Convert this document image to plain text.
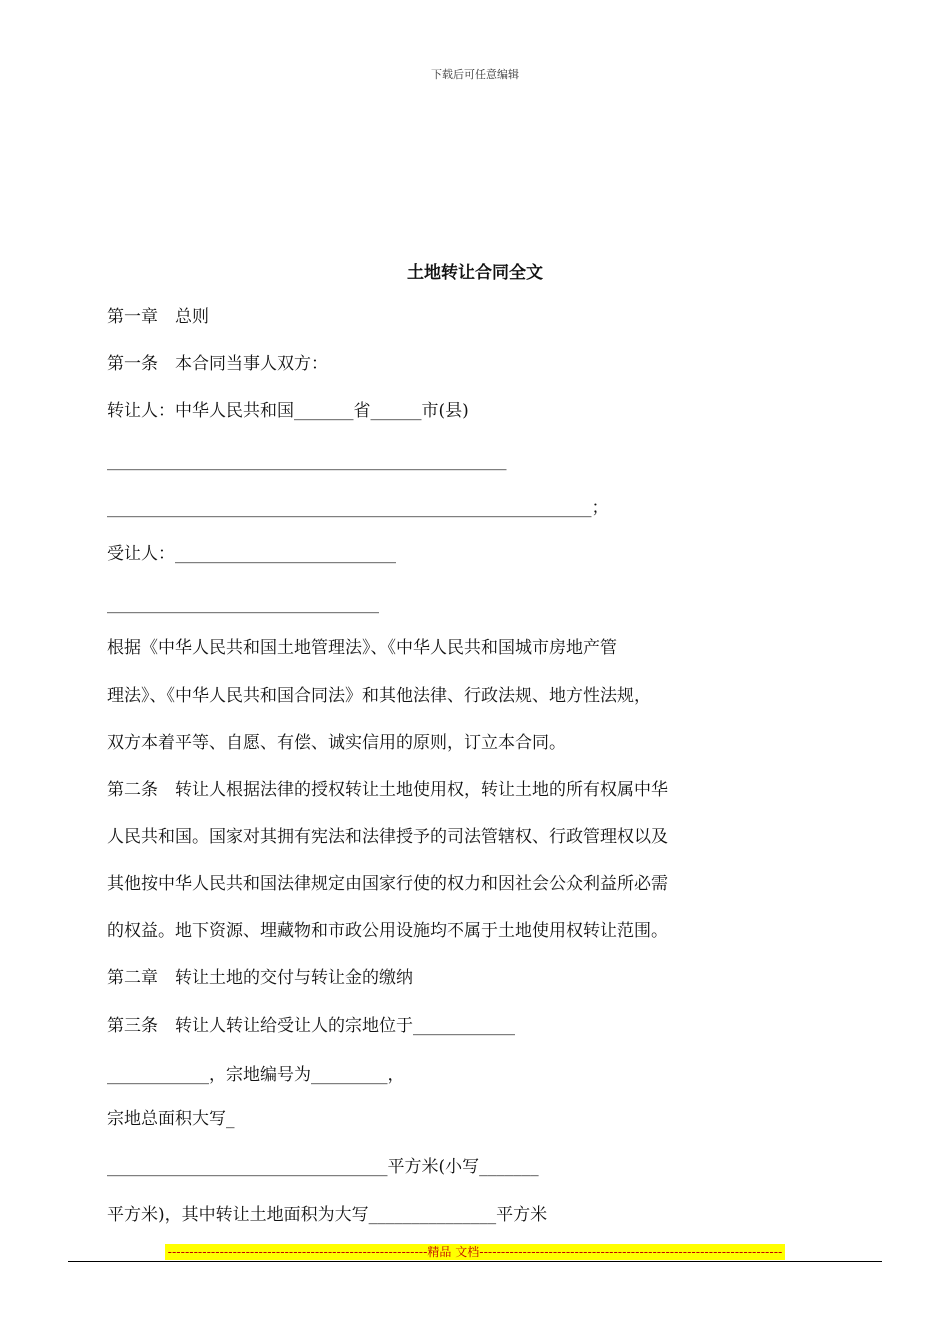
下载后可任意编辑
土地转让合同全文
第一章　总则
第一条　本合同当事人双方：
转让人：中华人民共和国_______省______市(县)
_______________________________________________
_________________________________________________________；
受让人：__________________________
________________________________
根据《中华人民共和国土地管理法》、《中华人民共和国城市房地产管
理法》、《中华人民共和国合同法》和其他法律、行政法规、地方性法规，
双方本着平等、自愿、有偿、诚实信用的原则，订立本合同。
第二条　转让人根据法律的授权转让土地使用权，转让土地的所有权属中华
人民共和国。国家对其拥有宪法和法律授予的司法管辖权、行政管理权以及
其他按中华人民共和国法律规定由国家行使的权力和因社会公众利益所必需
的权益。地下资源、埋藏物和市政公用设施均不属于土地使用权转让范围。
第二章　转让土地的交付与转让金的缴纳
第三条　转让人转让给受让人的宗地位于____________
____________，宗地编号为_________，
宗地总面积大写_
_________________________________平方米(小写_______
平方米)，其中转让土地面积为大写_______________平方米
------------------------------------------------------------精品 文档----------------------------------------------------------------------
